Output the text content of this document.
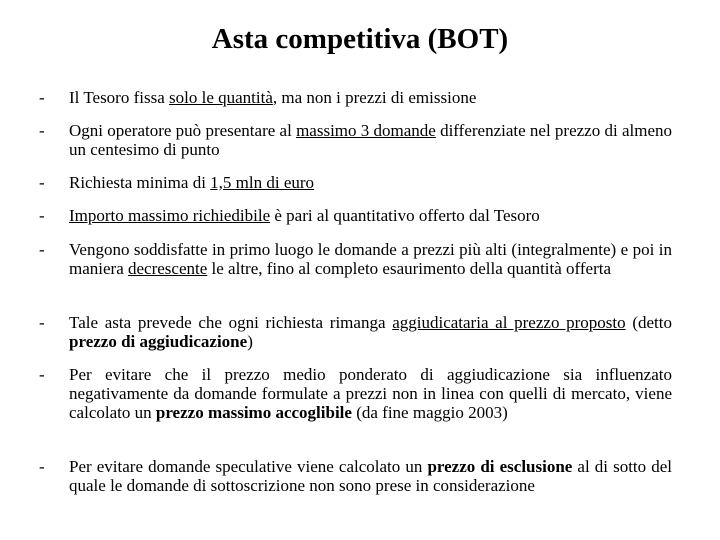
Asta competitiva (BOT)
- Il Tesoro fissa solo le quantità, ma non i prezzi di emissione
- Ogni operatore può presentare al massimo 3 domande differenziate nel prezzo di almeno un centesimo di punto
- Richiesta minima di 1,5 mln di euro
- Importo massimo richiedibile è pari al quantitativo offerto dal Tesoro
- Vengono soddisfatte in primo luogo le domande a prezzi più alti (integralmente) e poi in maniera decrescente le altre, fino al completo esaurimento della quantità offerta
- Tale asta prevede che ogni richiesta rimanga aggiudicataria al prezzo proposto (detto prezzo di aggiudicazione)
- Per evitare che il prezzo medio ponderato di aggiudicazione sia influenzato negativamente da domande formulate a prezzi non in linea con quelli di mercato, viene calcolato un prezzo massimo accoglibile (da fine maggio 2003)
- Per evitare domande speculative viene calcolato un prezzo di esclusione al di sotto del quale le domande di sottoscrizione non sono prese in considerazione
